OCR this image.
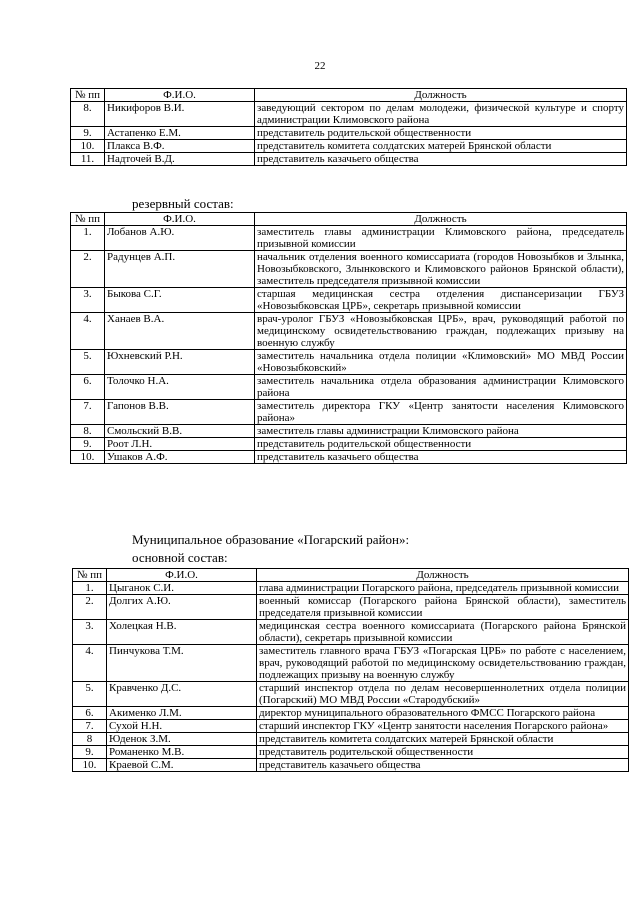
22
№ пп	Ф.И.О.	Должность
8.	Никифоров В.И.	заведующий сектором по делам молодежи, физической культуре и спорту администрации Климовского района
9.	Астапенко Е.М.	представитель родительской общественности
10.	Плакса В.Ф.	представитель комитета солдатских матерей Брянской области
11.	Надточей В.Д.	представитель казачьего общества
резервный состав:
№ пп	Ф.И.О.	Должность
1.	Лобанов А.Ю.	заместитель главы администрации Климовского района, председатель призывной комиссии
2.	Радунцев А.П.	начальник отделения военного комиссариата (городов Новозыбков и Злынка, Новозыбковского, Злынковского и Климовского районов Брянской области), заместитель председателя призывной комиссии
3.	Быкова С.Г.	старшая медицинская сестра отделения диспансеризации ГБУЗ «Новозыбковская ЦРБ», секретарь призывной комиссии
4.	Ханаев В.А.	врач-уролог ГБУЗ «Новозыбковская ЦРБ», врач, руководящий работой по медицинскому освидетельствованию граждан, подлежащих призыву на военную службу
5.	Юхневский Р.Н.	заместитель начальника отдела полиции «Климовский» МО МВД России «Новозыбковский»
6.	Толочко Н.А.	заместитель начальника отдела образования администрации Климовского района
7.	Гапонов В.В.	заместитель директора ГКУ «Центр занятости населения Климовского района»
8.	Смольский В.В.	заместитель главы администрации Климовского района
9.	Роот Л.Н.	представитель родительской общественности
10.	Ушаков А.Ф.	представитель казачьего общества
Муниципальное образование «Погарский район»:
основной состав:
№ пп	Ф.И.О.	Должность
1.	Цыганок С.И.	глава администрации Погарского района, председатель призывной комиссии
2.	Долгих А.Ю.	военный комиссар (Погарского района Брянской области), заместитель председателя призывной комиссии
3.	Холецкая Н.В.	медицинская сестра военного комиссариата (Погарского района Брянской области), секретарь призывной комиссии
4.	Пинчукова Т.М.	заместитель главного врача ГБУЗ «Погарская ЦРБ» по работе с населением, врач, руководящий работой по медицинскому освидетельствованию граждан, подлежащих призыву на военную службу
5.	Кравченко Д.С.	старший инспектор отдела по делам несовершеннолетних отдела полиции (Погарский) МО МВД России «Стародубский»
6.	Акименко Л.М.	директор муниципального образовательного ФМСС Погарского района
7.	Сухой Н.Н.	старший инспектор ГКУ «Центр занятости населения Погарского района»
8	Юденок З.М.	представитель комитета солдатских матерей Брянской области
9.	Романенко М.В.	представитель родительской общественности
10.	Краевой С.М.	представитель казачьего общества
